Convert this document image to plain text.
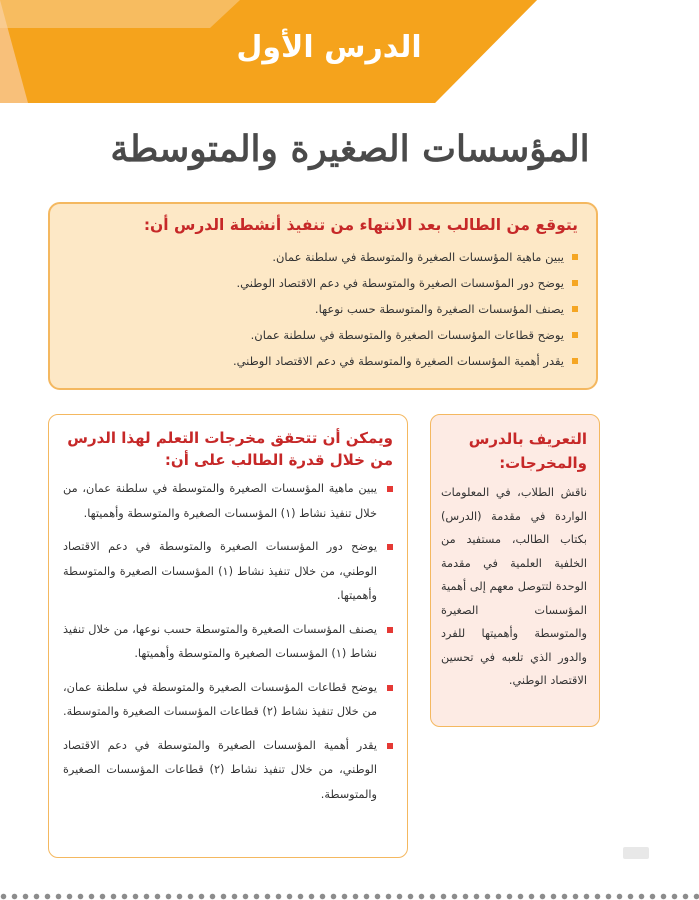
الدرس الأول
المؤسسات الصغيرة والمتوسطة
يتوقع من الطالب بعد الانتهاء من تنفيذ أنشطة الدرس أن:
يبين ماهية المؤسسات الصغيرة والمتوسطة في سلطنة عمان.
يوضح دور المؤسسات الصغيرة والمتوسطة في دعم الاقتصاد الوطني.
يصنف المؤسسات الصغيرة والمتوسطة حسب نوعها.
يوضح قطاعات المؤسسات الصغيرة والمتوسطة في سلطنة عمان.
يقدر أهمية المؤسسات الصغيرة والمتوسطة في دعم الاقتصاد الوطني.
التعريف بالدرس والمخرجات:
ناقش الطلاب، في المعلومات الواردة في مقدمة (الدرس) بكتاب الطالب، مستفيد من الخلفية العلمية في مقدمة الوحدة لتتوصل معهم إلى أهمية المؤسسات الصغيرة والمتوسطة وأهميتها للفرد والدور الذي تلعبه في تحسين الاقتصاد الوطني.
ويمكن أن تتحقق مخرجات التعلم لهذا الدرس من خلال قدرة الطالب على أن:
يبين ماهية المؤسسات الصغيرة والمتوسطة في سلطنة عمان، من خلال تنفيذ نشاط (١) المؤسسات الصغيرة والمتوسطة وأهميتها.
يوضح دور المؤسسات الصغيرة والمتوسطة في دعم الاقتصاد الوطني، من خلال تنفيذ نشاط (١) المؤسسات الصغيرة والمتوسطة وأهميتها.
يصنف المؤسسات الصغيرة والمتوسطة حسب نوعها، من خلال تنفيذ نشاط (١) المؤسسات الصغيرة والمتوسطة وأهميتها.
يوضح قطاعات المؤسسات الصغيرة والمتوسطة في سلطنة عمان، من خلال تنفيذ نشاط (٢) قطاعات المؤسسات الصغيرة والمتوسطة.
يقدر أهمية المؤسسات الصغيرة والمتوسطة في دعم الاقتصاد الوطني، من خلال تنفيذ نشاط (٢) قطاعات المؤسسات الصغيرة والمتوسطة.
